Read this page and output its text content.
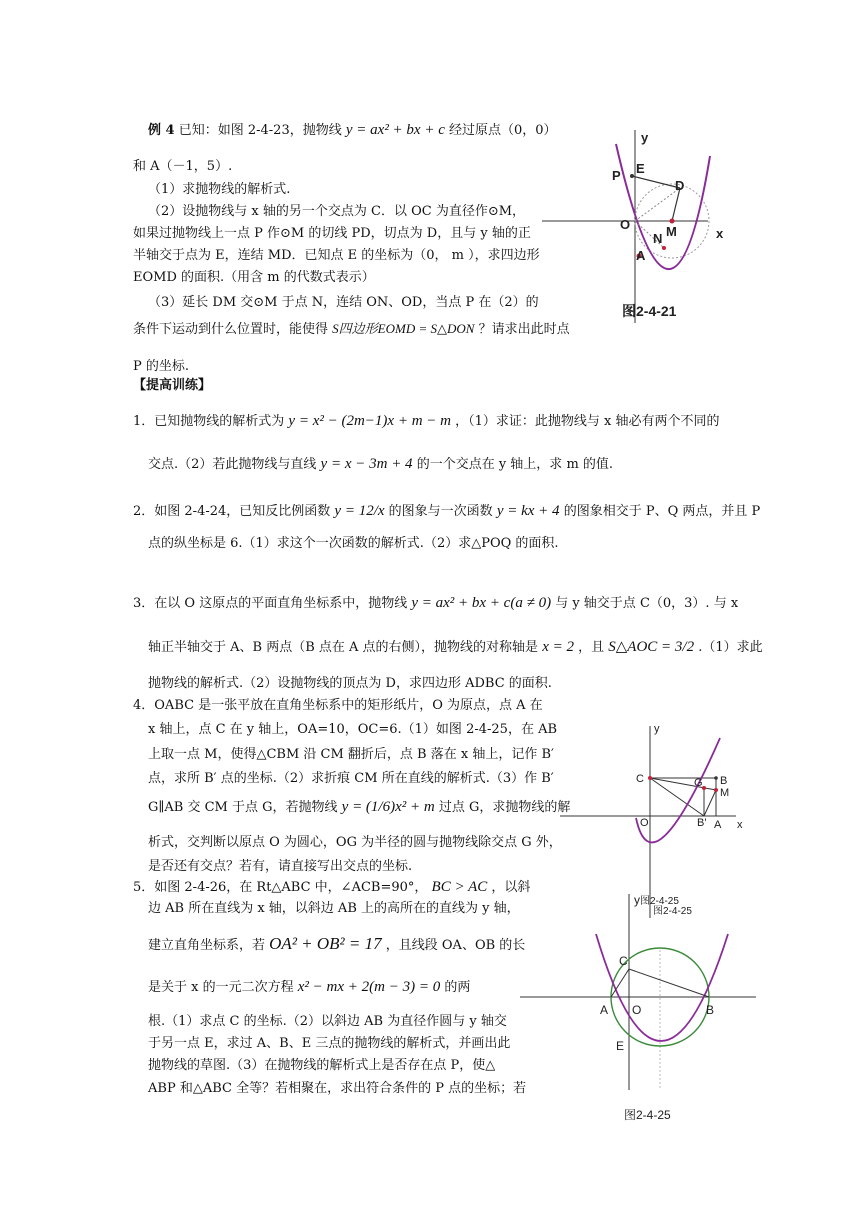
例 4 已知：如图 2-4-23，抛物线 y = ax² + bx + c 经过原点（0，0）
和 A（－1，5）.
（1）求抛物线的解析式.
（2）设抛物线与 x 轴的另一个交点为 C．以 OC 为直径作⊙M，
如果过抛物线上一点 P 作⊙M 的切线 PD，切点为 D，且与 y 轴的正
半轴交于点为 E，连结 MD．已知点 E 的坐标为（0， m ），求四边形
EOMD 的面积.（用含 m 的代数式表示）
（3）延长 DM 交⊙M 于点 N，连结 ON、OD，当点 P 在（2）的
条件下运动到什么位置时，能使得 S四边形EOMD = S△DON ？请求出此时点
P 的坐标.
y
x
P E
D
O	M
N
A
图2-4-21
【提高训练】
1．已知抛物线的解析式为 y = x² − (2m−1)x + m − m ，（1）求证：此抛物线与 x 轴必有两个不同的
交点.（2）若此抛物线与直线 y = x − 3m + 4 的一个交点在 y 轴上，求 m 的值.
2．如图 2-4-24，已知反比例函数 y = 12/x 的图象与一次函数 y = kx + 4 的图象相交于 P、Q 两点，并且 P
点的纵坐标是 6.（1）求这个一次函数的解析式.（2）求△POQ 的面积.
3．在以 O 这原点的平面直角坐标系中，抛物线 y = ax² + bx + c(a ≠ 0) 与 y 轴交于点 C（0，3）. 与 x
轴正半轴交于 A、B 两点（B 点在 A 点的右侧），抛物线的对称轴是 x = 2 ，且 S△AOC = 3/2 .（1）求此
抛物线的解析式.（2）设抛物线的顶点为 D，求四边形 ADBC 的面积.
4．OABC 是一张平放在直角坐标系中的矩形纸片，O 为原点，点 A 在
x 轴上，点 C 在 y 轴上，OA=10，OC=6.（1）如图 2-4-25，在 AB
上取一点 M，使得△CBM 沿 CM 翻折后，点 B 落在 x 轴上，记作 B′
点，求所 B′ 点的坐标.（2）求折痕 CM 所在直线的解析式.（3）作 B′
G∥AB 交 CM 于点 G，若抛物线 y = (1/6)x² + m 过点 G，求抛物线的解
析式，交判断以原点 O 为圆心，OG 为半径的圆与抛物线除交点 G 外，
是否还有交点？若有，请直接写出交点的坐标.
y
x
C	G B
M
O	B' A
图2-4-25
5．如图 2-4-26，在 Rt△ABC 中，∠ACB=90°， BC > AC ，以斜
边 AB 所在直线为 x 轴，以斜边 AB 上的高所在的直线为 y 轴，
建立直角坐标系，若 OA² + OB² = 17 ，且线段 OA、OB 的长
是关于 x 的一元二次方程 x² − mx + 2(m − 3) = 0 的两
根.（1）求点 C 的坐标.（2）以斜边 AB 为直径作圆与 y 轴交
于另一点 E，求过 A、B、E 三点的抛物线的解析式，并画出此
抛物线的草图.（3）在抛物线的解析式上是否存在点 P，使△
ABP 和△ABC 全等？若相聚在，求出符合条件的 P 点的坐标；若
y
C
A O	B
E
图2-4-25
图2-4-25
